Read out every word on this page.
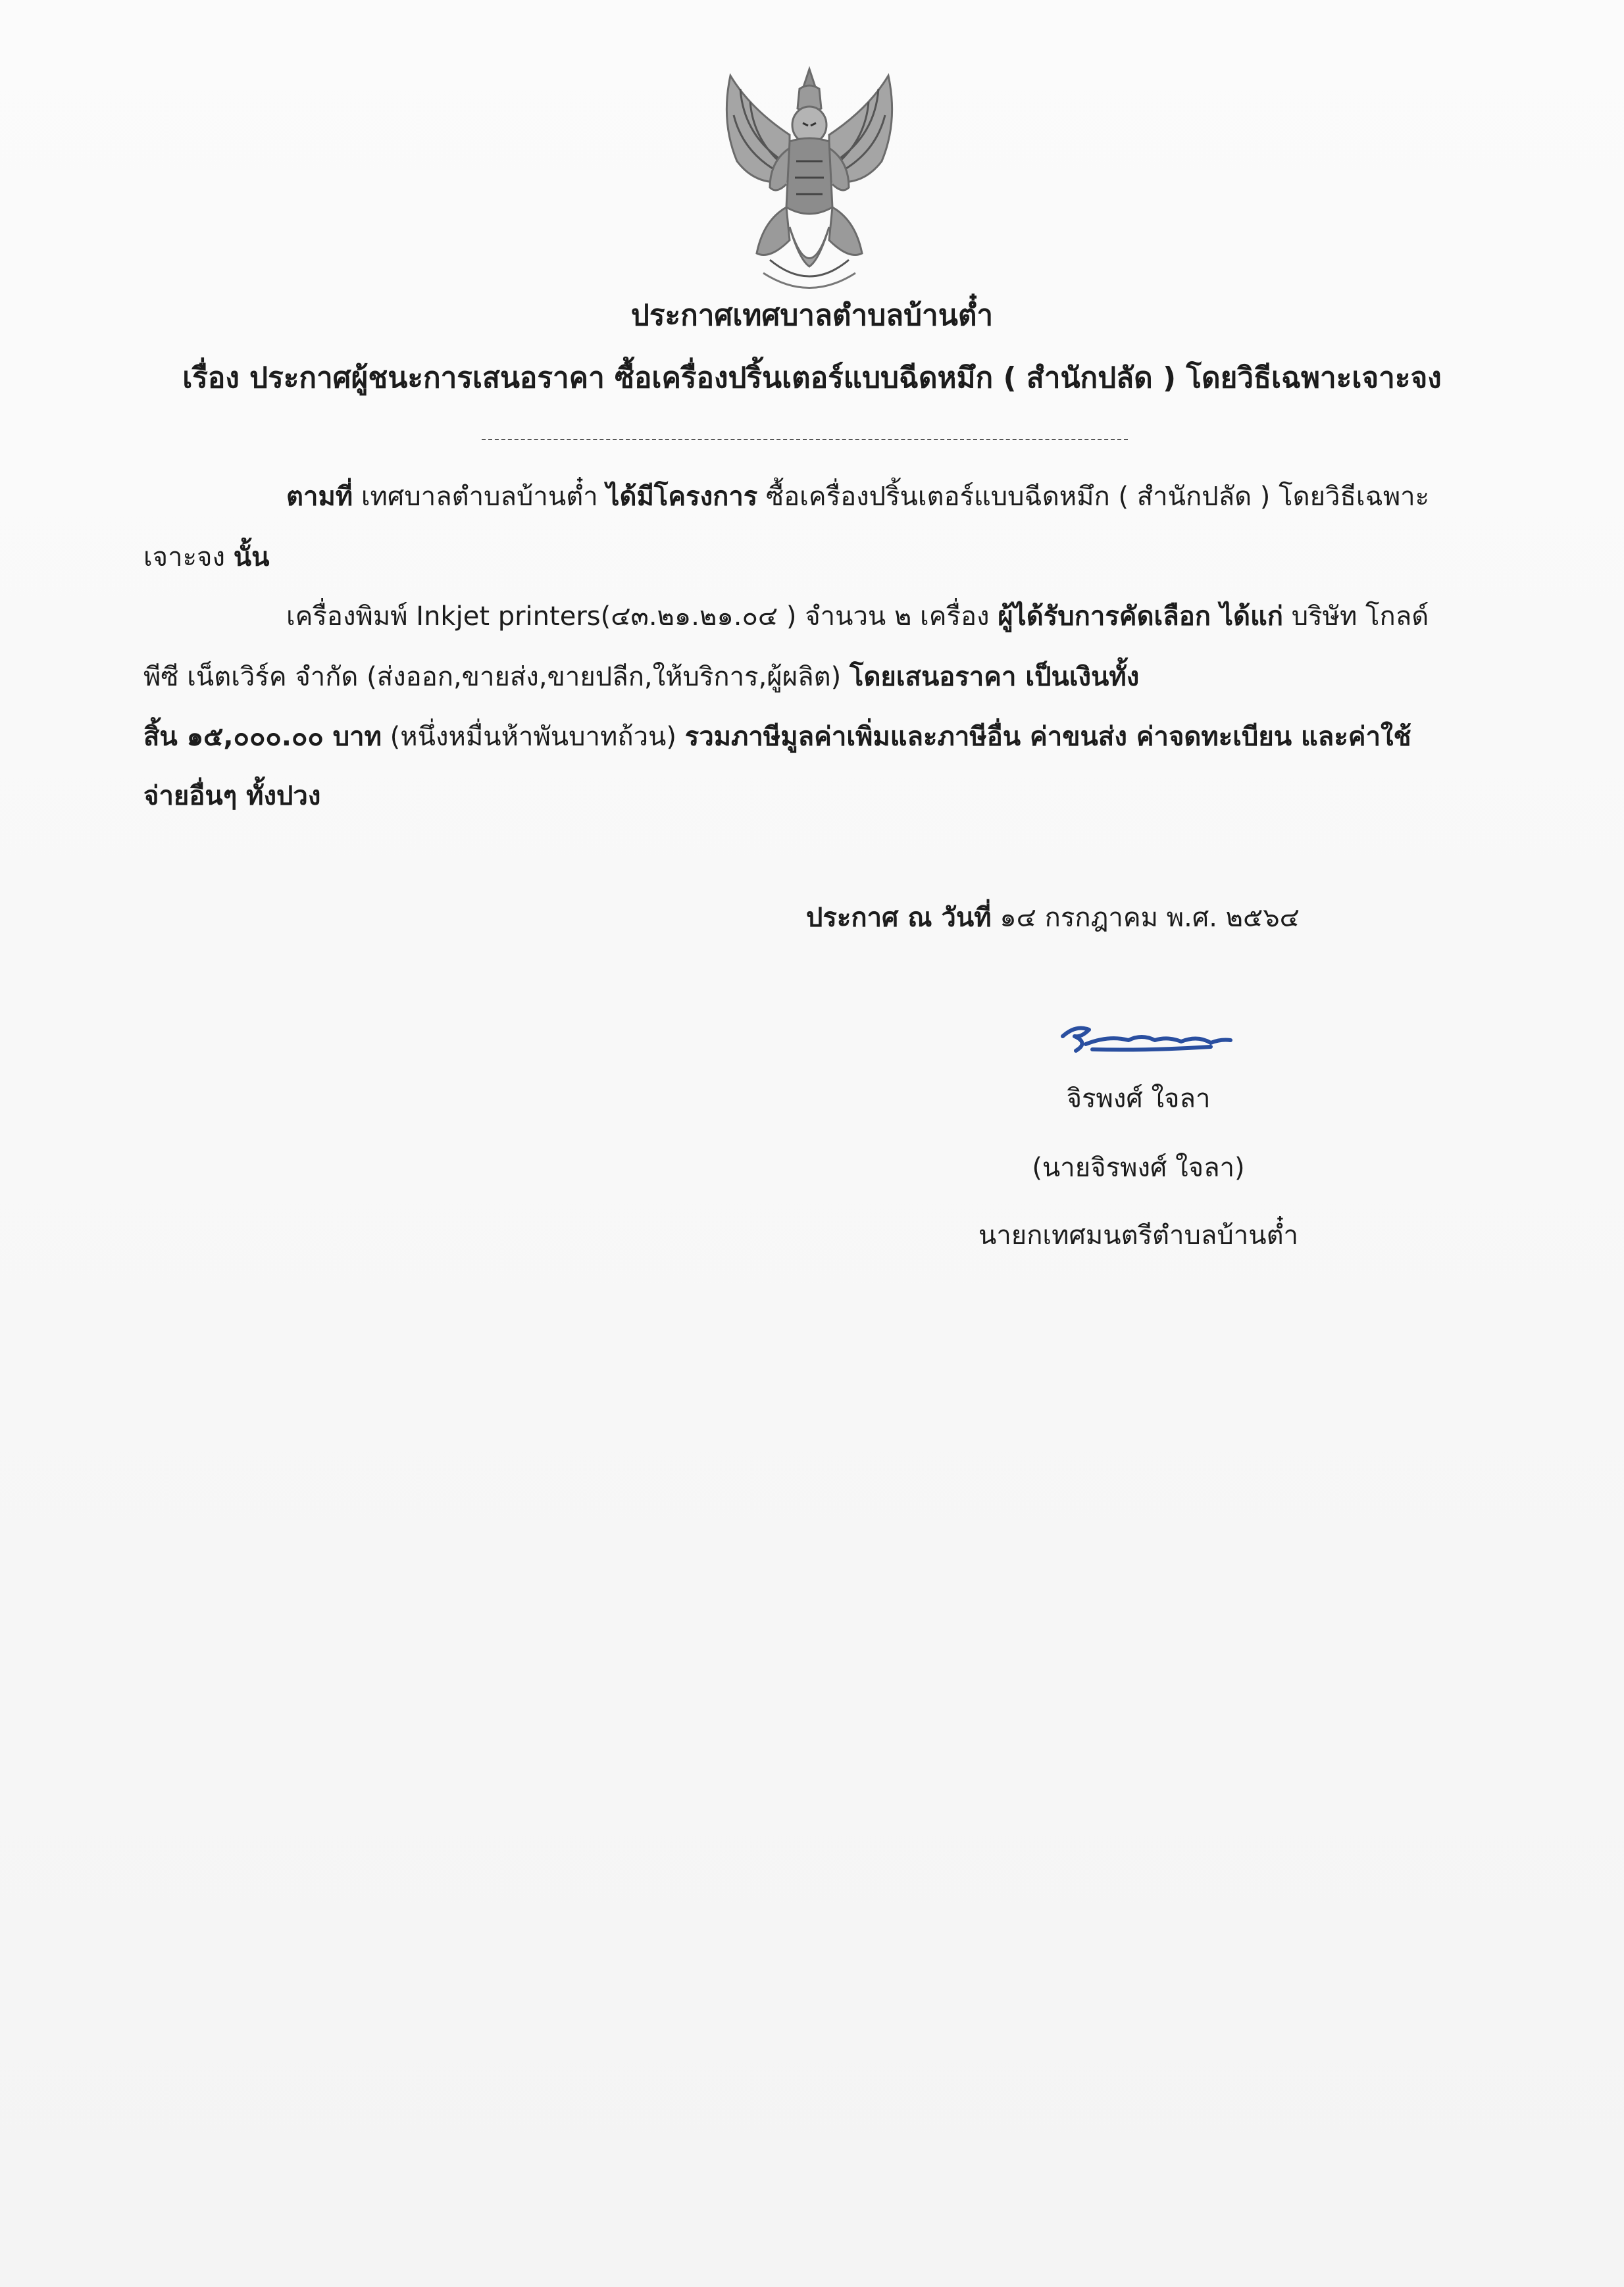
ประกาศเทศบาลตำบลบ้านต๋ำ
เรื่อง ประกาศผู้ชนะการเสนอราคา ซื้อเครื่องปริ้นเตอร์แบบฉีดหมึก ( สำนักปลัด ) โดยวิธีเฉพาะเจาะจง
ตามที่ เทศบาลตำบลบ้านต๋ำ ได้มีโครงการ ซื้อเครื่องปริ้นเตอร์แบบฉีดหมึก ( สำนักปลัด ) โดยวิธีเฉพาะ
เจาะจง นั้น
เครื่องพิมพ์ Inkjet printers(๔๓.๒๑.๒๑.๐๔ ) จำนวน ๒ เครื่อง ผู้ได้รับการคัดเลือก ได้แก่ บริษัท โกลด์
พีซี เน็ตเวิร์ค จำกัด (ส่งออก,ขายส่ง,ขายปลีก,ให้บริการ,ผู้ผลิต) โดยเสนอราคา เป็นเงินทั้ง
สิ้น ๑๕,๐๐๐.๐๐ บาท (หนึ่งหมื่นห้าพันบาทถ้วน) รวมภาษีมูลค่าเพิ่มและภาษีอื่น ค่าขนส่ง ค่าจดทะเบียน และค่าใช้
จ่ายอื่นๆ ทั้งปวง
ประกาศ ณ วันที่ ๑๔ กรกฎาคม พ.ศ. ๒๕๖๔
จิรพงศ์ ใจลา
(นายจิรพงศ์ ใจลา)
นายกเทศมนตรีตำบลบ้านต๋ำ
